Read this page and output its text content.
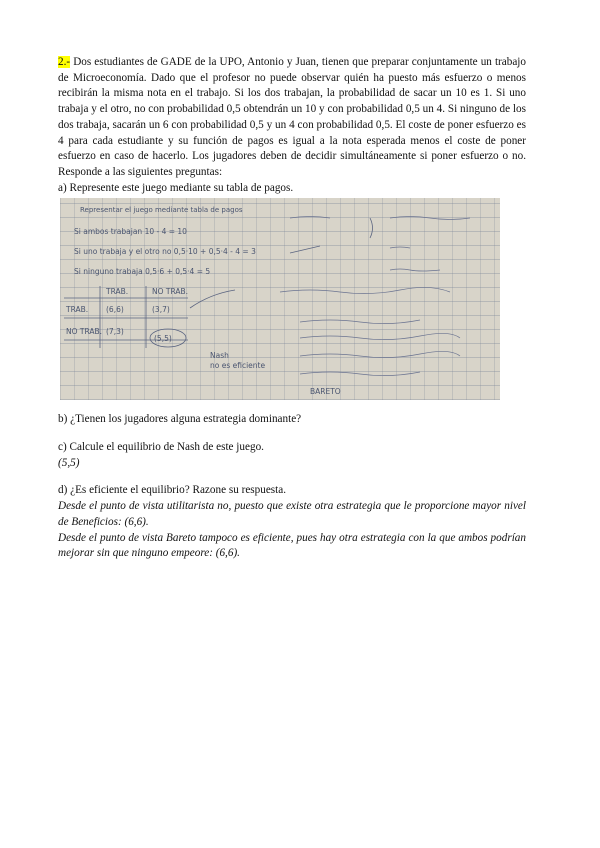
2.- Dos estudiantes de GADE de la UPO, Antonio y Juan, tienen que preparar conjuntamente un trabajo de Microeconomía. Dado que el profesor no puede observar quién ha puesto más esfuerzo o menos recibirán la misma nota en el trabajo. Si los dos trabajan, la probabilidad de sacar un 10 es 1. Si uno trabaja y el otro, no con probabilidad 0,5 obtendrán un 10 y con probabilidad 0,5 un 4. Si ninguno de los dos trabaja, sacarán un 6 con probabilidad 0,5 y un 4 con probabilidad 0,5. El coste de poner esfuerzo es 4 para cada estudiante y su función de pagos es igual a la nota esperada menos el coste de poner esfuerzo en caso de hacerlo. Los jugadores deben de decidir simultáneamente si poner esfuerzo o no. Responde a las siguientes preguntas:

a) Represente este juego mediante su tabla de pagos.

Representar el juego mediante tabla de pagos
Si ambos trabajan 10 - 4 = 10
Si uno trabaja y el otro no 0,5·10 + 0,5·4 - 4 = 3
Si ninguno trabaja 0,5·6 + 0,5·4 = 5
TRAB.	NO TRAB.
TRAB.
NO TRAB.
(6,6)	(3,7)
(7,3)
(5,5)
Nash
no es eficiente
BARETO

b) ¿Tienen los jugadores alguna estrategia dominante?

c) Calcule el equilibrio de Nash de este juego.

(5,5)

d) ¿Es eficiente el equilibrio? Razone su respuesta.

Desde el punto de vista utilitarista no, puesto que existe otra estrategia que le proporcione mayor nivel de Beneficios: (6,6).

Desde el punto de vista Bareto tampoco es eficiente, pues hay otra estrategia con la que ambos podrían mejorar sin que ninguno empeore: (6,6).
